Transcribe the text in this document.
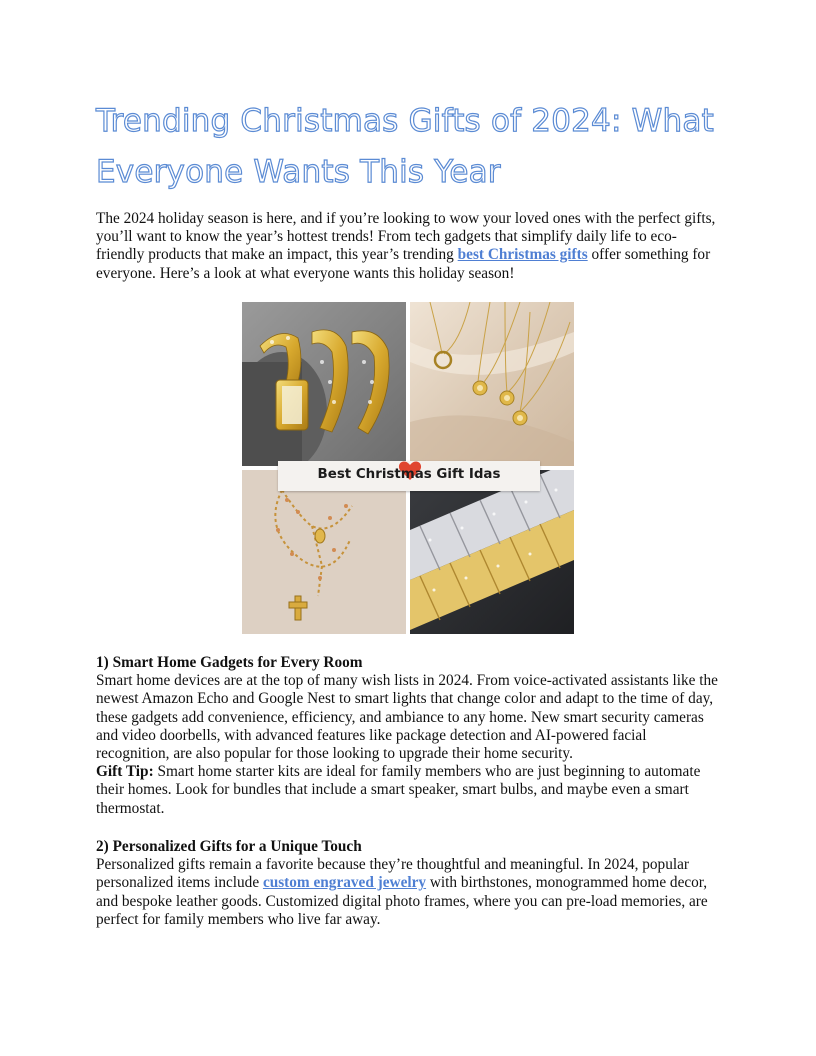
Trending Christmas Gifts of 2024: What Everyone Wants This Year

The 2024 holiday season is here, and if you’re looking to wow your loved ones with the perfect gifts, you’ll want to know the year’s hottest trends! From tech gadgets that simplify daily life to eco-friendly products that make an impact, this year’s trending best Christmas gifts offer something for everyone. Here’s a look at what everyone wants this holiday season!

Best Christmas Gift Idas
1) Smart Home Gadgets for Every Room
Smart home devices are at the top of many wish lists in 2024. From voice-activated assistants like the newest Amazon Echo and Google Nest to smart lights that change color and adapt to the time of day, these gadgets add convenience, efficiency, and ambiance to any home. New smart security cameras and video doorbells, with advanced features like package detection and AI-powered facial recognition, are also popular for those looking to upgrade their home security.
Gift Tip: Smart home starter kits are ideal for family members who are just beginning to automate their homes. Look for bundles that include a smart speaker, smart bulbs, and maybe even a smart thermostat.
2) Personalized Gifts for a Unique Touch
Personalized gifts remain a favorite because they’re thoughtful and meaningful. In 2024, popular personalized items include custom engraved jewelry with birthstones, monogrammed home decor, and bespoke leather goods. Customized digital photo frames, where you can pre-load memories, are perfect for family members who live far away.
